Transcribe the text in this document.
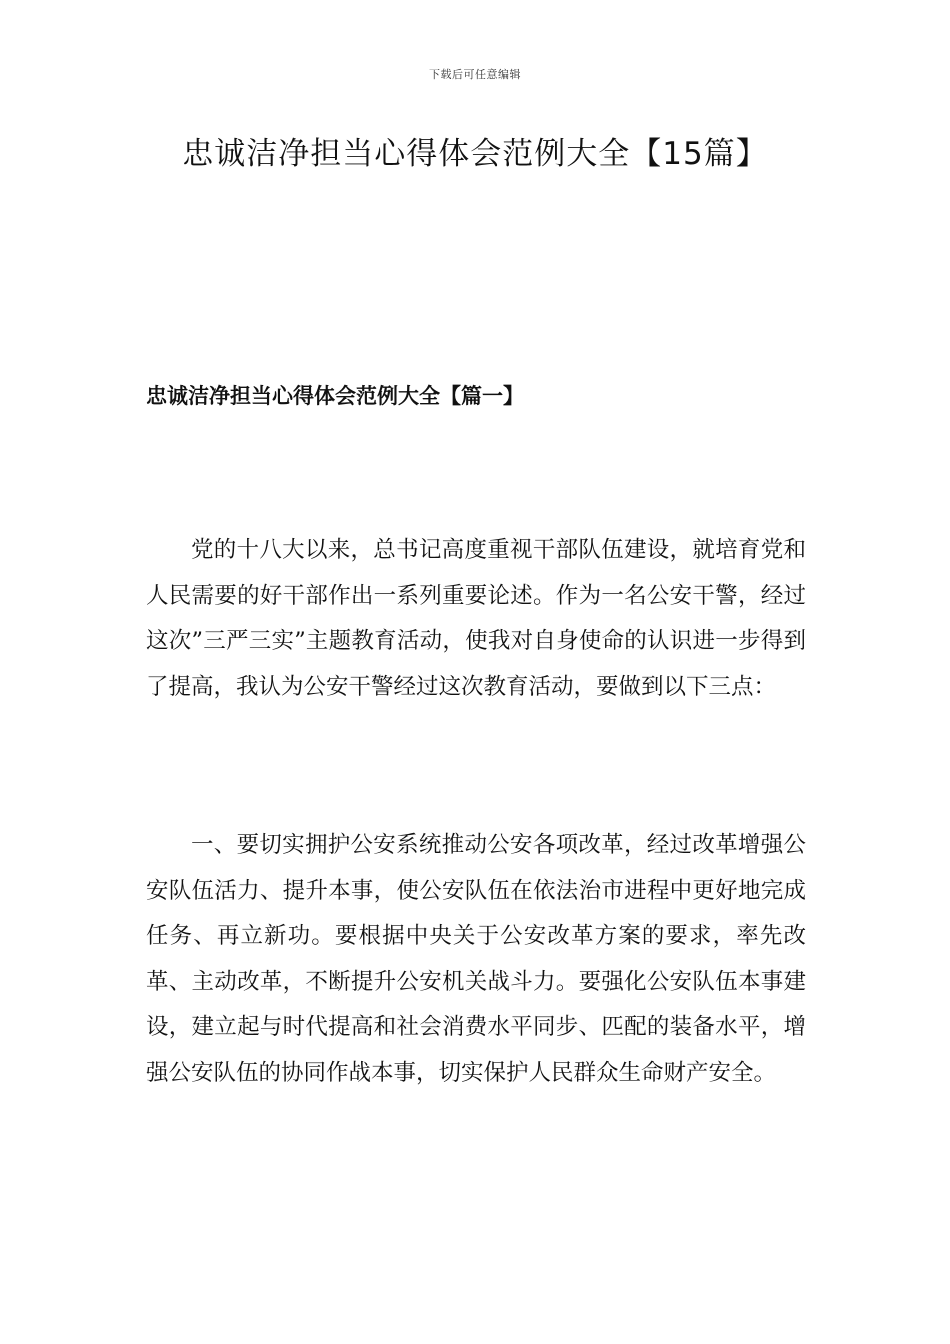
下载后可任意编辑
忠诚洁净担当心得体会范例大全【15篇】
忠诚洁净担当心得体会范例大全【篇一】

党的十八大以来，总书记高度重视干部队伍建设，就培育党和人民需要的好干部作出一系列重要论述。作为一名公安干警，经过这次”三严三实”主题教育活动，使我对自身使命的认识进一步得到了提高，我认为公安干警经过这次教育活动，要做到以下三点：

一、要切实拥护公安系统推动公安各项改革，经过改革增强公安队伍活力、提升本事，使公安队伍在依法治市进程中更好地完成任务、再立新功。要根据中央关于公安改革方案的要求，率先改革、主动改革，不断提升公安机关战斗力。要强化公安队伍本事建设，建立起与时代提高和社会消费水平同步、匹配的装备水平，增强公安队伍的协同作战本事，切实保护人民群众生命财产安全。
